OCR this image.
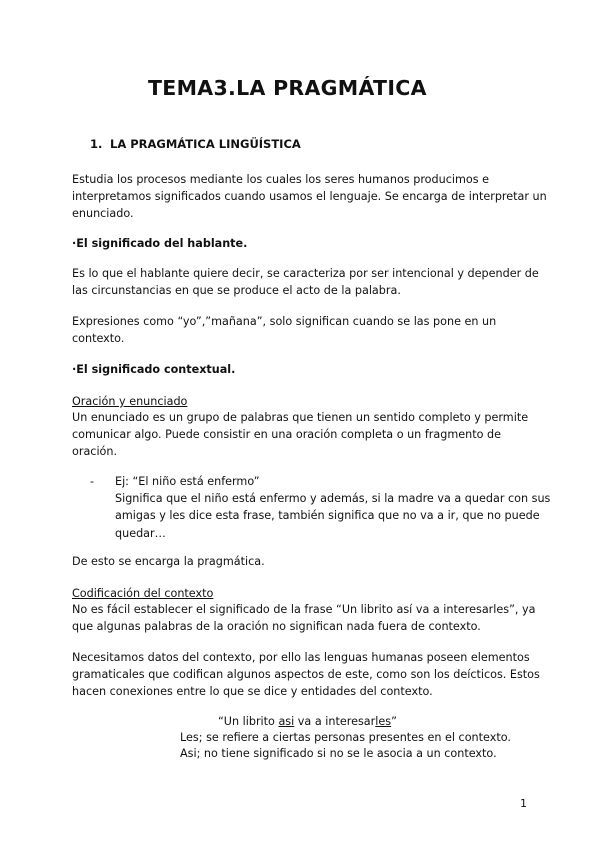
TEMA3.LA PRAGMÁTICA
1. LA PRAGMÁTICA LINGÜÍSTICA
Estudia los procesos mediante los cuales los seres humanos producimos e
interpretamos significados cuando usamos el lenguaje. Se encarga de interpretar un
enunciado.
·El significado del hablante.
Es lo que el hablante quiere decir, se caracteriza por ser intencional y depender de
las circunstancias en que se produce el acto de la palabra.
Expresiones como “yo”,”mañana”, solo significan cuando se las pone en un
contexto.
·El significado contextual.
Oración y enunciado
Un enunciado es un grupo de palabras que tienen un sentido completo y permite
comunicar algo. Puede consistir en una oración completa o un fragmento de
oración.
- Ej: “El niño está enfermo”
Significa que el niño está enfermo y además, si la madre va a quedar con sus
amigas y les dice esta frase, también significa que no va a ir, que no puede
quedar…
De esto se encarga la pragmática.
Codificación del contexto
No es fácil establecer el significado de la frase “Un librito así va a interesarles”, ya
que algunas palabras de la oración no significan nada fuera de contexto.
Necesitamos datos del contexto, por ello las lenguas humanas poseen elementos
gramaticales que codifican algunos aspectos de este, como son los deícticos. Estos
hacen conexiones entre lo que se dice y entidades del contexto.
“Un librito asi va a interesarles”
Les; se refiere a ciertas personas presentes en el contexto.
Asi; no tiene significado si no se le asocia a un contexto.
1
